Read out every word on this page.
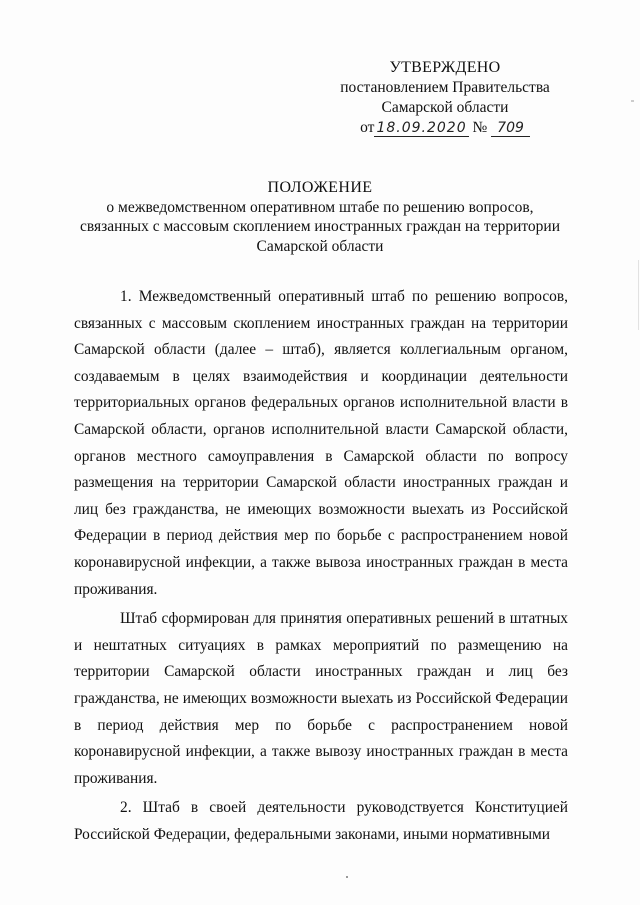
УТВЕРЖДЕНО
постановлением Правительства
Самарской области
от 18.09.2020 № 709
ПОЛОЖЕНИЕ
о межведомственном оперативном штабе по решению вопросов,
связанных с массовым скоплением иностранных граждан на территории
Самарской области

1. Межведомственный оперативный штаб по решению вопросов, связанных с массовым скоплением иностранных граждан на территории Самарской области (далее – штаб), является коллегиальным органом, создаваемым в целях взаимодействия и координации деятельности территориальных органов федеральных органов исполнительной власти в Самарской области, органов исполнительной власти Самарской области, органов местного самоуправления в Самарской области по вопросу размещения на территории Самарской области иностранных граждан и лиц без гражданства, не имеющих возможности выехать из Российской Федерации в период действия мер по борьбе с распространением новой коронавирусной инфекции, а также вывоза иностранных граждан в места проживания.

Штаб сформирован для принятия оперативных решений в штатных и нештатных ситуациях в рамках мероприятий по размещению на территории Самарской области иностранных граждан и лиц без гражданства, не имеющих возможности выехать из Российской Федерации в период действия мер по борьбе с распространением новой коронавирусной инфекции, а также вывозу иностранных граждан в места проживания.

2. Штаб в своей деятельности руководствуется Конституцией Российской Федерации, федеральными законами, иными нормативными
